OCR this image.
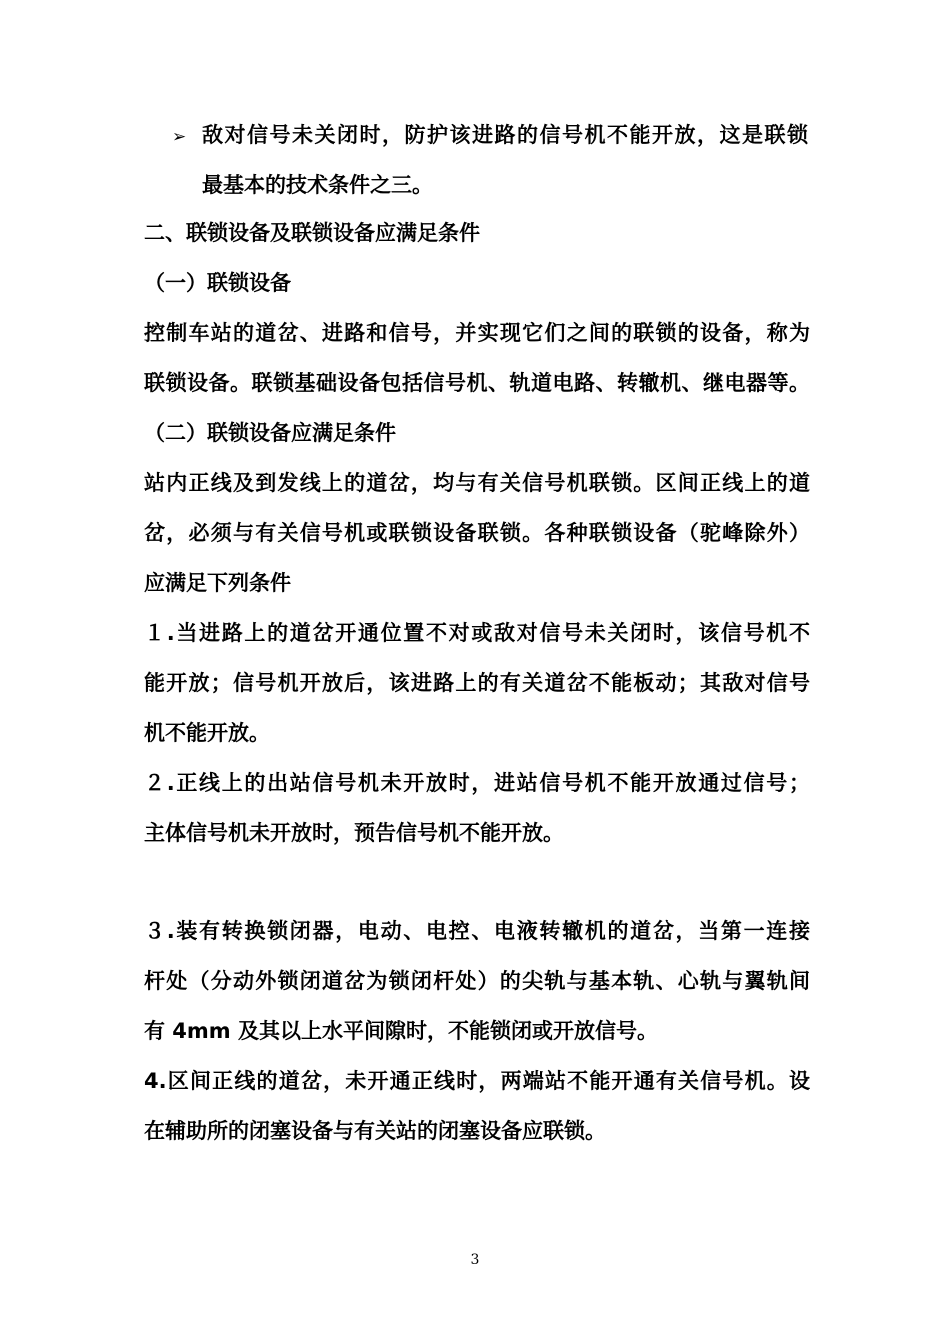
➢ 敌对信号未关闭时，防护该进路的信号机不能开放，这是联锁
最基本的技术条件之三。
二、联锁设备及联锁设备应满足条件
（一）联锁设备
控制车站的道岔、进路和信号，并实现它们之间的联锁的设备，称为
联锁设备。联锁基础设备包括信号机、轨道电路、转辙机、继电器等。
（二）联锁设备应满足条件
站内正线及到发线上的道岔，均与有关信号机联锁。区间正线上的道
岔，必须与有关信号机或联锁设备联锁。各种联锁设备（驼峰除外）
应满足下列条件
１.当进路上的道岔开通位置不对或敌对信号未关闭时，该信号机不
能开放；信号机开放后，该进路上的有关道岔不能板动；其敌对信号
机不能开放。
２.正线上的出站信号机未开放时，进站信号机不能开放通过信号；
主体信号机未开放时，预告信号机不能开放。
３.装有转换锁闭器，电动、电控、电液转辙机的道岔，当第一连接
杆处（分动外锁闭道岔为锁闭杆处）的尖轨与基本轨、心轨与翼轨间
有 4mm 及其以上水平间隙时，不能锁闭或开放信号。
4.区间正线的道岔，未开通正线时，两端站不能开通有关信号机。设
在辅助所的闭塞设备与有关站的闭塞设备应联锁。
3
